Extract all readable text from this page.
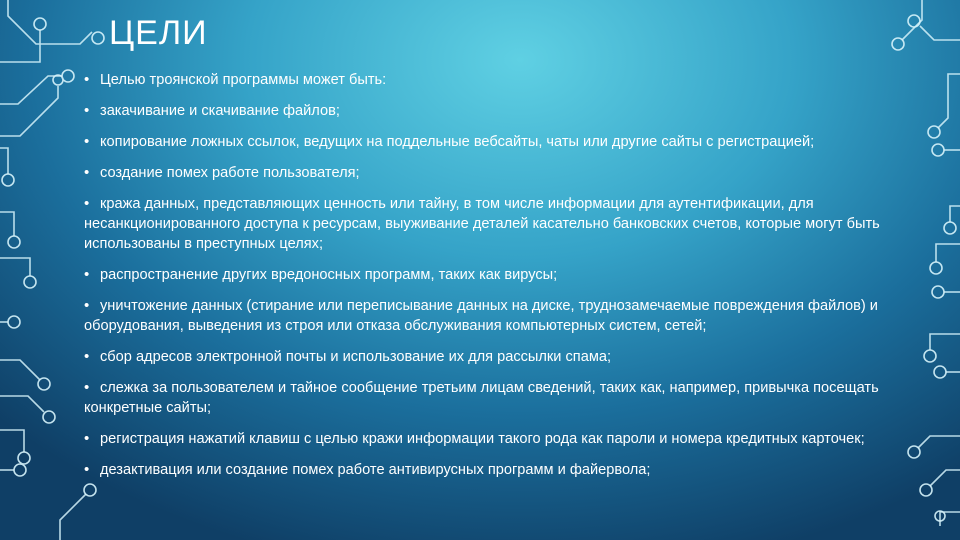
ЦЕЛИ
• Целью троянской программы может быть:
• закачивание и скачивание файлов;
• копирование ложных ссылок, ведущих на поддельные вебсайты, чаты или другие сайты с регистрацией;
• создание помех работе пользователя;
• кража данных, представляющих ценность или тайну, в том числе информации для аутентификации, для несанкционированного доступа к ресурсам, выуживание деталей касательно банковских счетов, которые могут быть использованы в преступных целях;
• распространение других вредоносных программ, таких как вирусы;
• уничтожение данных (стирание или переписывание данных на диске, труднозамечаемые повреждения файлов) и оборудования, выведения из строя или отказа обслуживания компьютерных систем, сетей;
• сбор адресов электронной почты и использование их для рассылки спама;
• слежка за пользователем и тайное сообщение третьим лицам сведений, таких как, например, привычка посещать конкретные сайты;
• регистрация нажатий клавиш с целью кражи информации такого рода как пароли и номера кредитных карточек;
• дезактивация или создание помех работе антивирусных программ и файервола;
